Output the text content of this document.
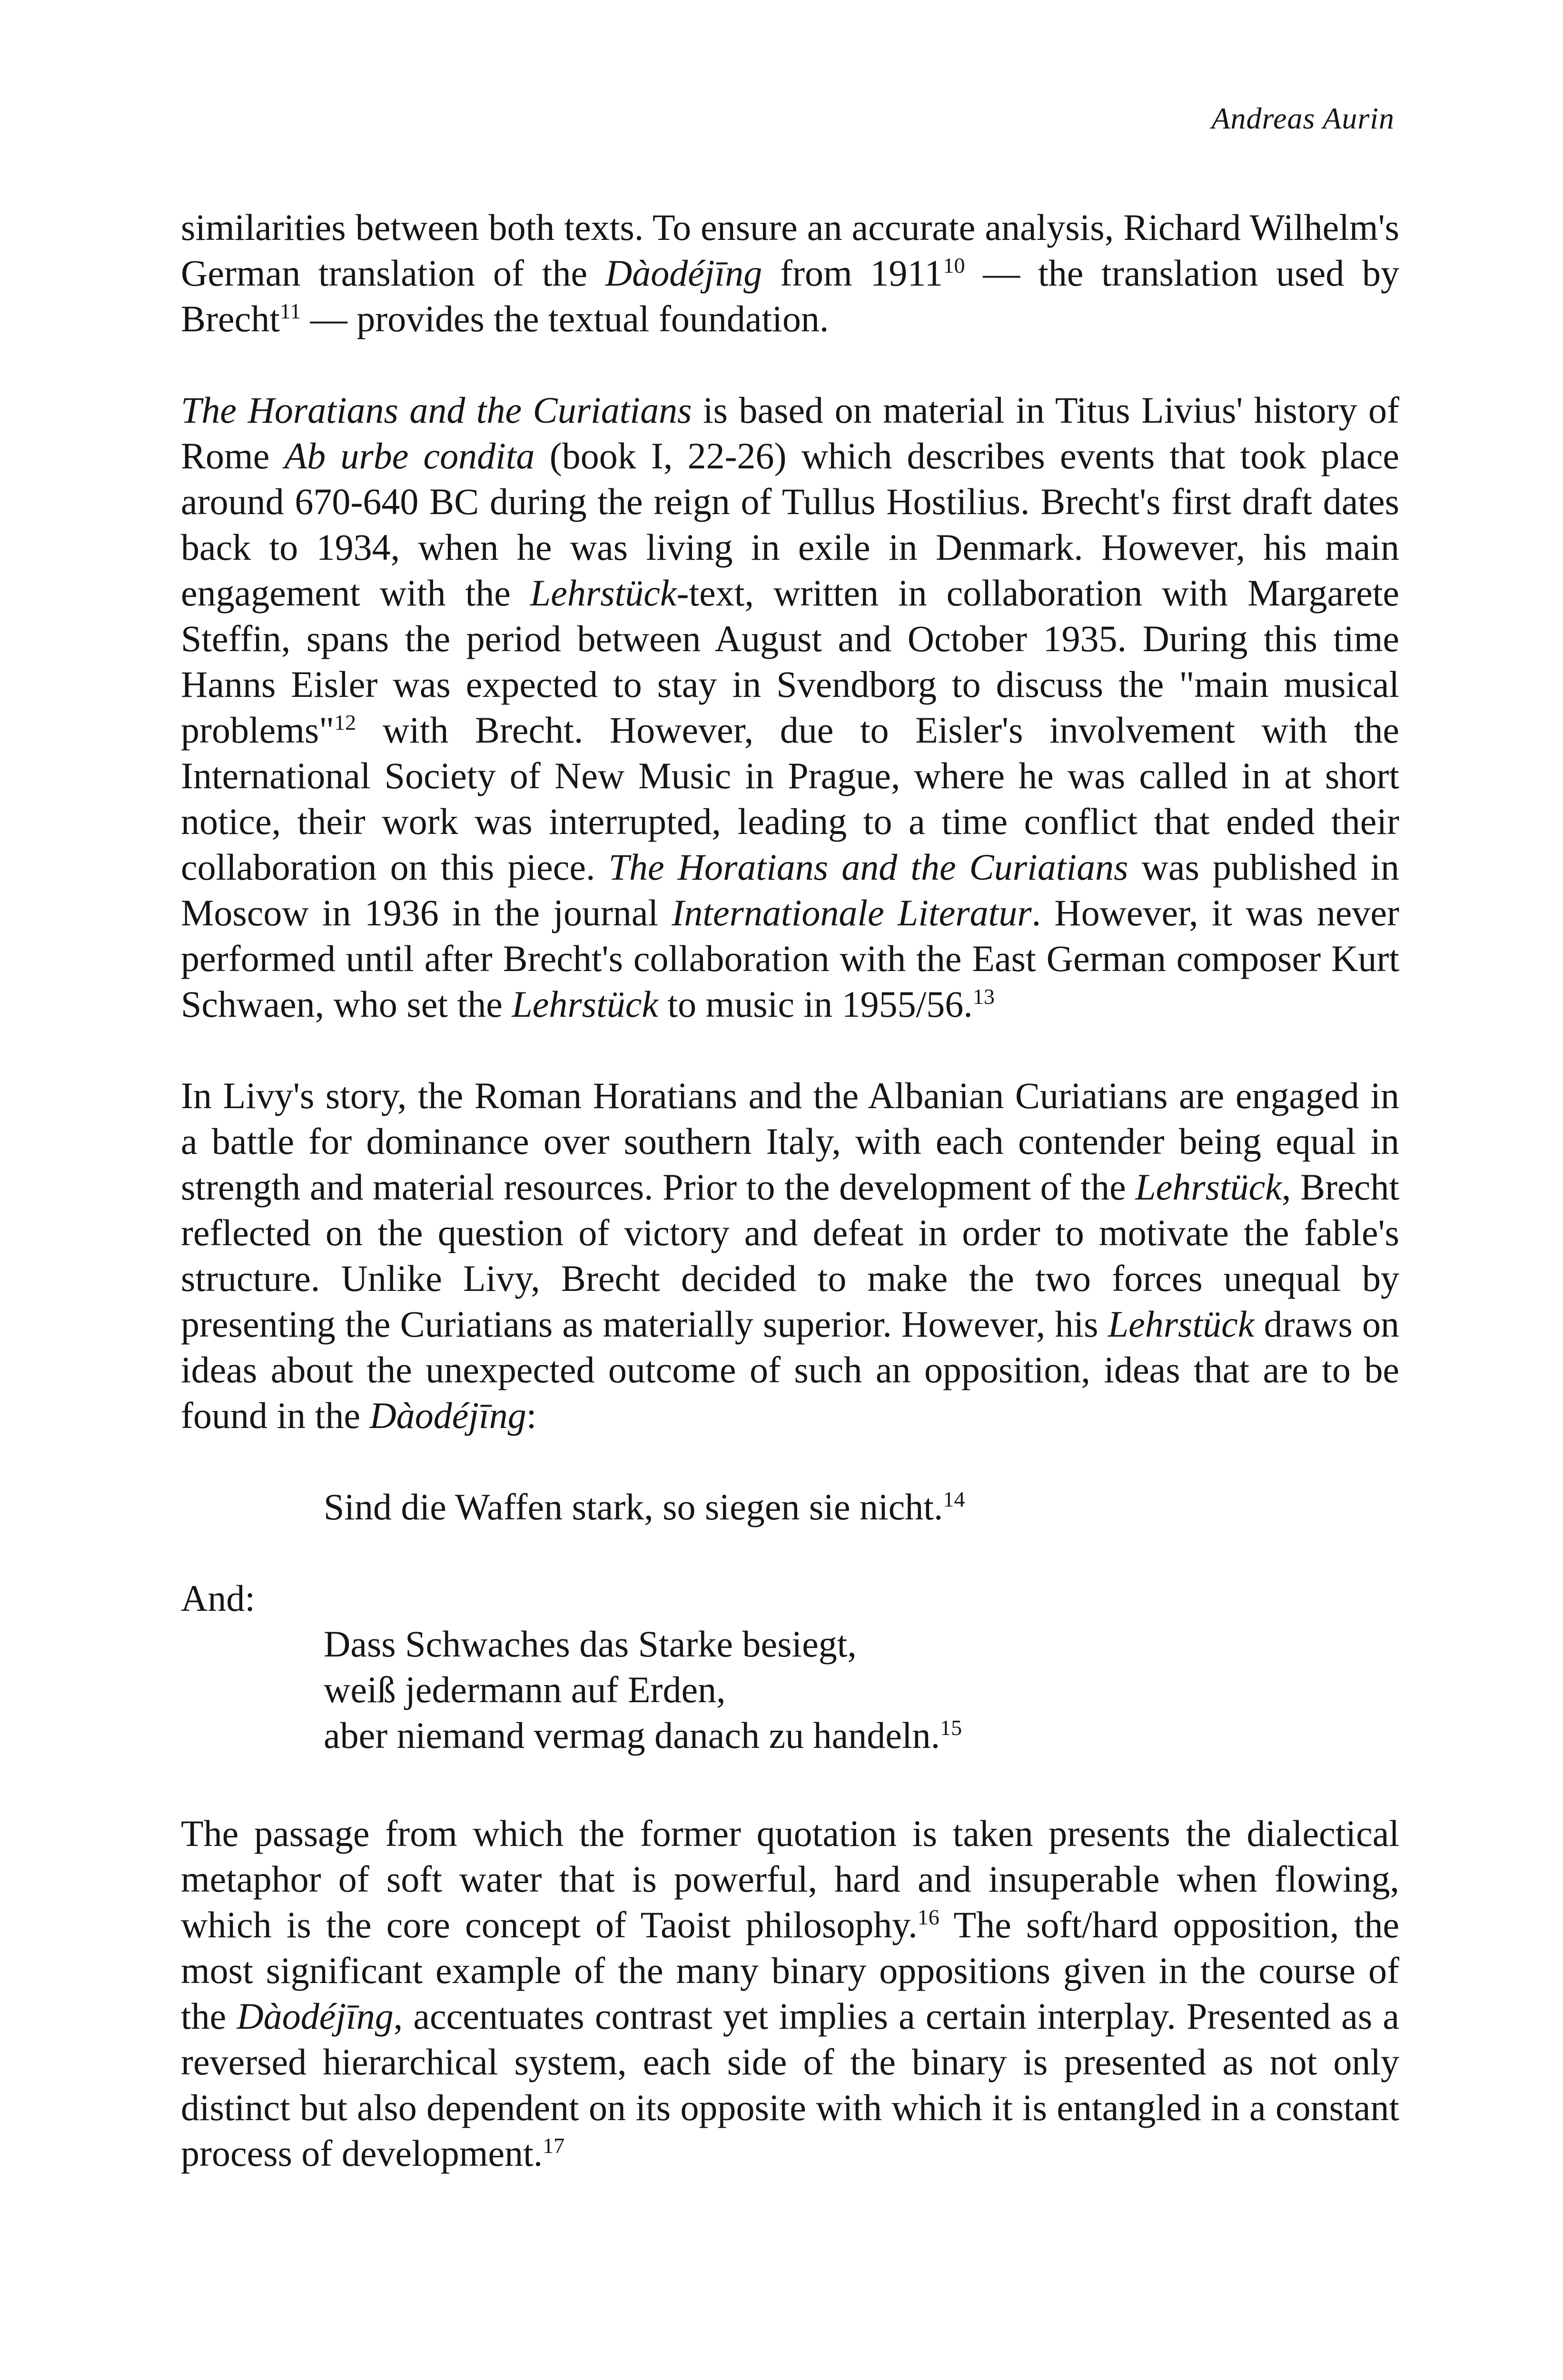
Andreas Aurin

similarities between both texts. To ensure an accurate analysis, Richard Wilhelm's German translation of the Dàodéjīng from 1911$^{10}$ — the translation used by Brecht$^{11}$ — provides the textual foundation.

The Horatians and the Curiatians is based on material in Titus Livius' history of Rome Ab urbe condita (book I, 22-26) which describes events that took place around 670-640 BC during the reign of Tullus Hostilius. Brecht's first draft dates back to 1934, when he was living in exile in Denmark. However, his main engagement with the Lehrstück-text, written in collaboration with Margarete Steffin, spans the period between August and October 1935. During this time Hanns Eisler was expected to stay in Svendborg to discuss the "main musical problems"$^{12}$ with Brecht. However, due to Eisler's involvement with the International Society of New Music in Prague, where he was called in at short notice, their work was interrupted, leading to a time conflict that ended their collaboration on this piece. The Horatians and the Curiatians was published in Moscow in 1936 in the journal Internationale Literatur. However, it was never performed until after Brecht's collaboration with the East German composer Kurt Schwaen, who set the Lehrstück to music in 1955/56.13

In Livy's story, the Roman Horatians and the Albanian Curiatians are engaged in a battle for dominance over southern Italy, with each contender being equal in strength and material resources. Prior to the development of the Lehrstück, Brecht reflected on the question of victory and defeat in order to motivate the fable's structure. Unlike Livy, Brecht decided to make the two forces unequal by presenting the Curiatians as materially superior. However, his Lehrstück draws on ideas about the unexpected outcome of such an opposition, ideas that are to be found in the Dàodéjīng:

Sind die Waffen stark, so siegen sie nicht.$^{14}$
And:
Dass Schwaches das Starke besiegt,
weiß jedermann auf Erden,
aber niemand vermag danach zu handeln.$^{15}$

The passage from which the former quotation is taken presents the dialectical metaphor of soft water that is powerful, hard and insuperable when flowing, which is the core concept of Taoist philosophy.$^{16}$ The soft/hard opposition, the most significant example of the many binary oppositions given in the course of the Dàodéjīng, accentuates contrast yet implies a certain interplay. Presented as a reversed hierarchical system, each side of the binary is presented as not only distinct but also dependent on its opposite with which it is entangled in a constant process of development.$^{17}$
